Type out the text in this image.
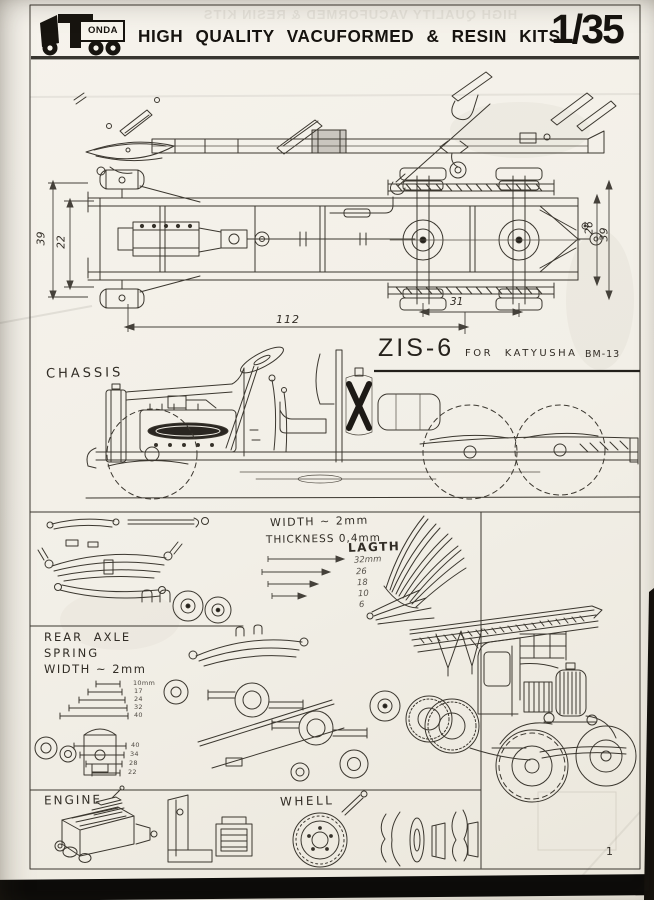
ONDA
HIGH QUALITY VACUFORMED & RESIN KITS
HIGH QUALITY VACUFORMED & RESIN KITS
1/35
39 22
26 39
112
31
ZIS-6 FOR KATYUSHA BM-13
CHASSIS
WIDTH ~ 2mm
THICKNESS 0,4mm
LAGTH
32mm
26
18
10
6
REAR AXLE
SPRING
WIDTH ~ 2mm
10mm
17
24
32
40
40
34
28
22
ENGINE	WHELL
1
